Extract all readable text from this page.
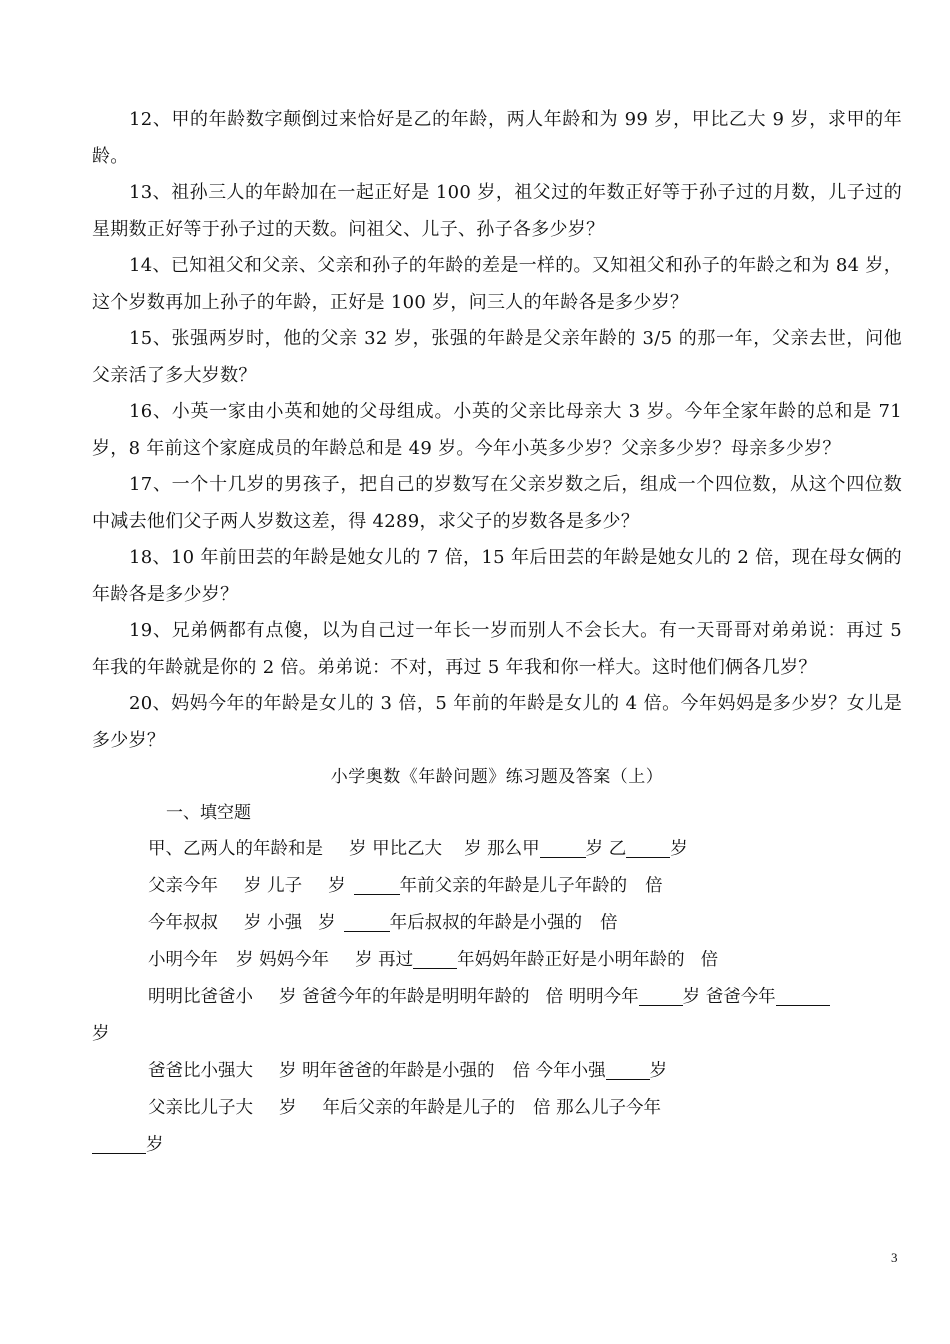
12、甲的年龄数字颠倒过来恰好是乙的年龄，两人年龄和为 99 岁，甲比乙大 9 岁，求甲的年龄。

13、祖孙三人的年龄加在一起正好是 100 岁，祖父过的年数正好等于孙子过的月数，儿子过的星期数正好等于孙子过的天数。问祖父、儿子、孙子各多少岁？

14、已知祖父和父亲、父亲和孙子的年龄的差是一样的。又知祖父和孙子的年龄之和为 84 岁，这个岁数再加上孙子的年龄，正好是 100 岁，问三人的年龄各是多少岁？

15、张强两岁时，他的父亲 32 岁，张强的年龄是父亲年龄的 3/5 的那一年，父亲去世，问他父亲活了多大岁数？

16、小英一家由小英和她的父母组成。小英的父亲比母亲大 3 岁。今年全家年龄的总和是 71 岁，8 年前这个家庭成员的年龄总和是 49 岁。今年小英多少岁？父亲多少岁？母亲多少岁？

17、一个十几岁的男孩子，把自己的岁数写在父亲岁数之后，组成一个四位数，从这个四位数中减去他们父子两人岁数这差，得 4289，求父子的岁数各是多少？

18、10 年前田芸的年龄是她女儿的 7 倍，15 年后田芸的年龄是她女儿的 2 倍，现在母女俩的年龄各是多少岁？

19、兄弟俩都有点傻，以为自己过一年长一岁而别人不会长大。有一天哥哥对弟弟说：再过 5 年我的年龄就是你的 2 倍。弟弟说：不对，再过 5 年我和你一样大。这时他们俩各几岁？

20、妈妈今年的年龄是女儿的 3 倍，5 年前的年龄是女儿的 4 倍。今年妈妈是多少岁？女儿是多少岁？

小学奥数《年龄问题》练习题及答案（上）

一、填空题

甲、乙两人的年龄和是 岁 甲比乙大 岁 那么甲	岁 乙	岁

父亲今年 岁 儿子 岁	年前父亲的年龄是儿子年龄的 倍

今年叔叔 岁 小强 岁	年后叔叔的年龄是小强的 倍

小明今年 岁 妈妈今年 岁 再过	年妈妈年龄正好是小明年龄的 倍

明明比爸爸小 岁 爸爸今年的年龄是明明年龄的 倍 明明今年	岁 爸爸今年

岁

爸爸比小强大 岁 明年爸爸的年龄是小强的 倍 今年小强	岁

父亲比儿子大 岁 年后父亲的年龄是儿子的 倍 那么儿子今年

岁

3
